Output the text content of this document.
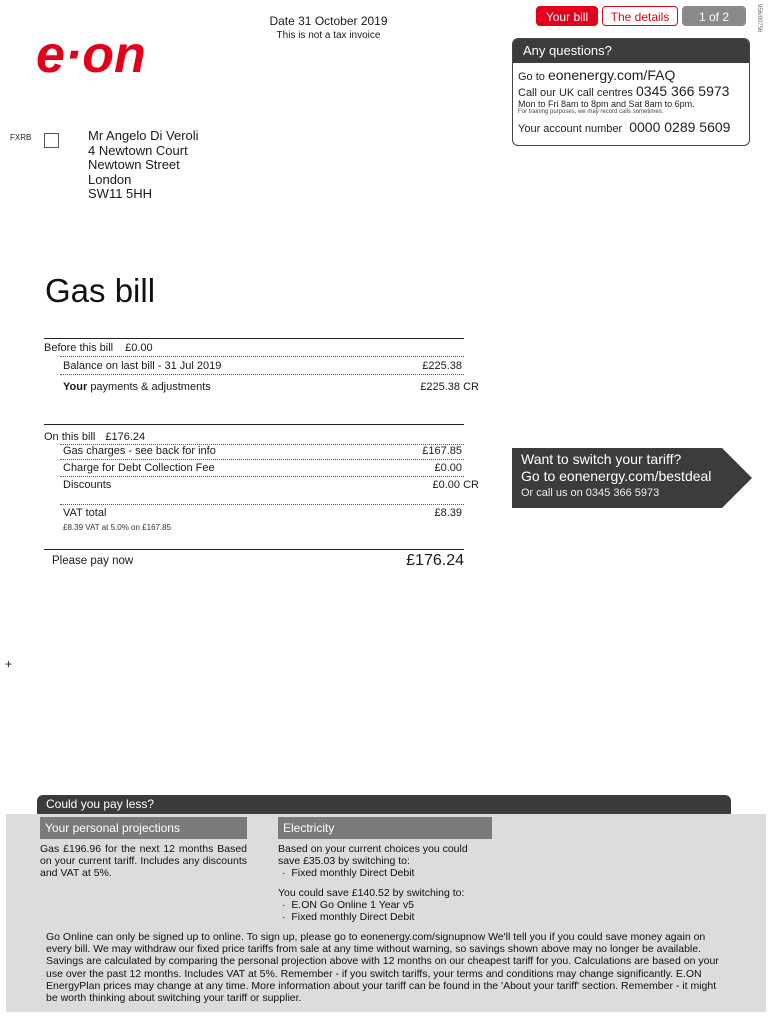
e·on
Date 31 October 2019
This is not a tax invoice
Your bill	The details	1 of 2	956/00756
Any questions?
Go to eonenergy.com/FAQ
Call our UK call centres 0345 366 5973
Mon to Fri 8am to 8pm and Sat 8am to 6pm.
For training purposes, we may record calls sometimes.
Your account number 0000 0289 5609
FXRB	Mr Angelo Di Veroli
4 Newtown Court
Newtown Street
London
SW11 5HH
Gas bill
Before this bill £0.00
Balance on last bill - 31 Jul 2019	£225.38
Your payments & adjustments	£225.38 CR
On this bill £176.24
Gas charges - see back for info	£167.85
Charge for Debt Collection Fee	£0.00
Discounts	£0.00 CR
VAT total	£8.39
£8.39 VAT at 5.0% on £167.85
Please pay now	£176.24
Want to switch your tariff?
Go to eonenergy.com/bestdeal
Or call us on 0345 366 5973
+
Could you pay less?
Your personal projections
Gas £196.96 for the next 12 months Based on your current tariff. Includes any discounts and VAT at 5%.
Electricity
Based on your current choices you could save £35.03 by switching to:
·  Fixed monthly Direct Debit
You could save £140.52 by switching to:
·  E.ON Go Online 1 Year v5
·  Fixed monthly Direct Debit
Go Online can only be signed up to online. To sign up, please go to eonenergy.com/signupnow We'll tell you if you could save money again on every bill. We may withdraw our fixed price tariffs from sale at any time without warning, so savings shown above may no longer be available. Savings are calculated by comparing the personal projection above with 12 months on our cheapest tariff for you. Calculations are based on your use over the past 12 months. Includes VAT at 5%. Remember - if you switch tariffs, your terms and conditions may change significantly. E.ON EnergyPlan prices may change at any time. More information about your tariff can be found in the 'About your tariff' section. Remember - it might be worth thinking about switching your tariff or supplier.
